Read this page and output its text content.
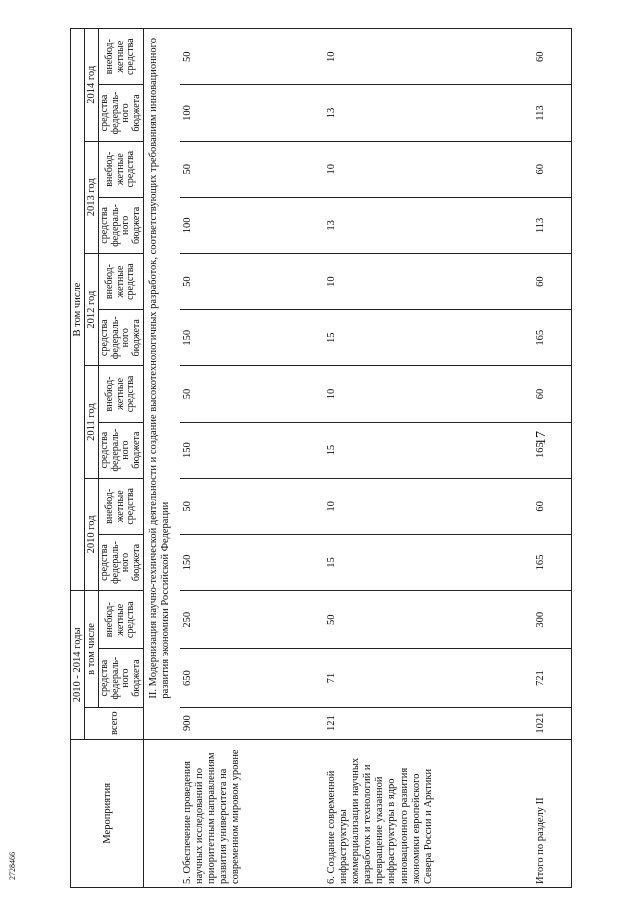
17
2728466
Мероприятия	2010 - 2014 годы			В том числе									
	всего	в том числе		2010 год		2011 год		2012 год		2013 год		2014 год	
		средства федераль-ного бюджета	внебюд-жетные средства	средства федераль-ного бюджета	внебюд-жетные средства	средства федераль-ного бюджета	внебюд-жетные средства	средства федераль-ного бюджета	внебюд-жетные средства	средства федераль-ного бюджета	внебюд-жетные средства	средства федераль-ного бюджета	внебюд-жетные средства

	II. Модернизация научно-технической деятельности и создание высокотехнологичных разработок, соответствующих требованиям инновационного развития экономики Российской Федерации												
5. Обеспечение проведения научных исследований по приоритетным направлениям развития университета на современном мировом уровне	900	650	250	150	50	150	50	150	50	100	50	100	50
6. Создание современной инфраструктуры коммерциализации научных разработок и технологий и превращение указанной инфраструктуры в ядро инновационного развития экономики европейского Севера России и Арктики	121	71	50	15	10	15	10	15	10	13	10	13	10
Итого по разделу II	1021	721	300	165	60	165	60	165	60	113	60	113	60
